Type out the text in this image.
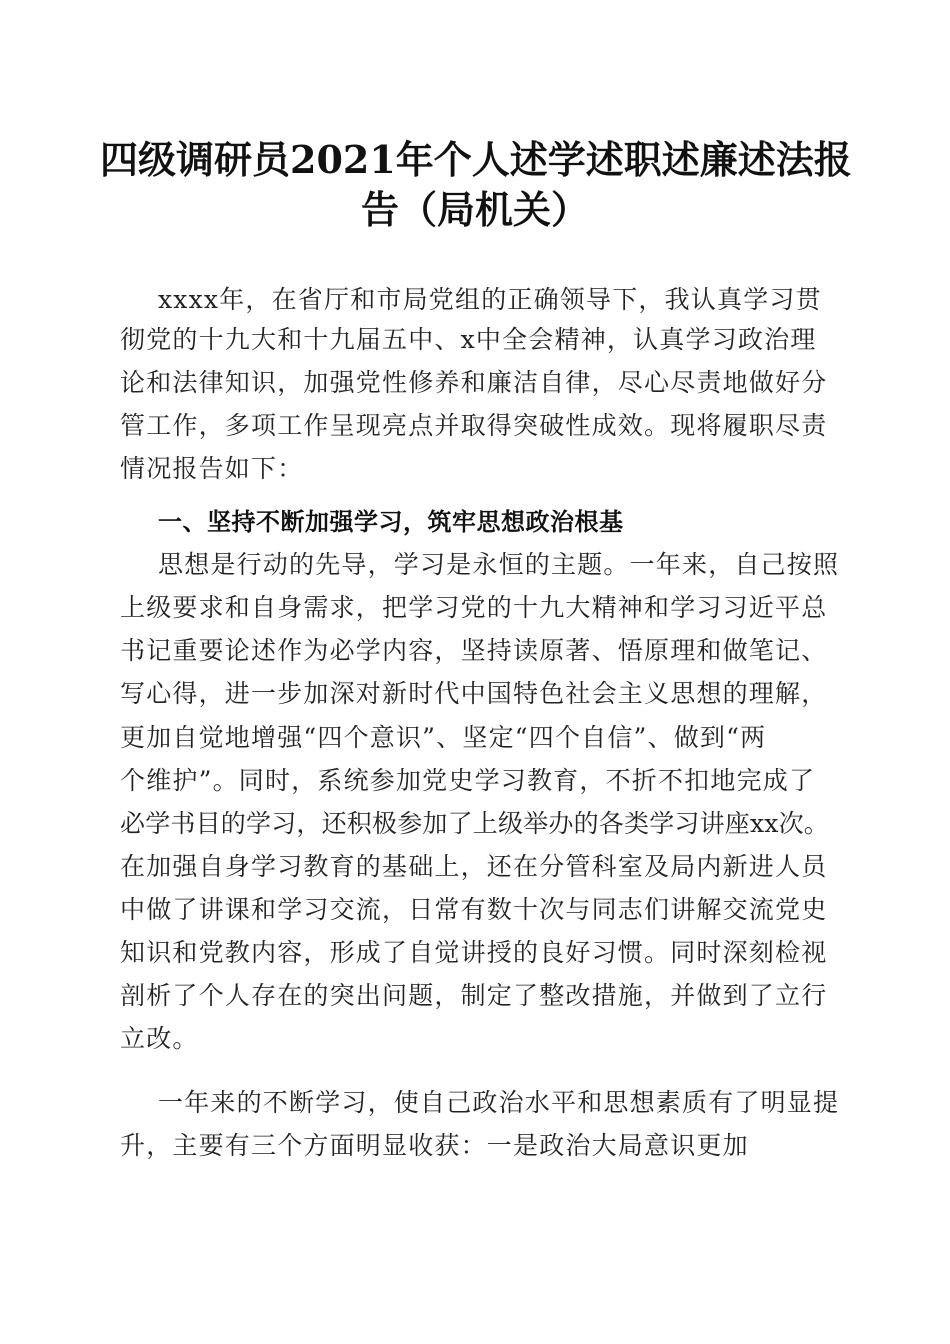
四级调研员2021年个人述学述职述廉述法报
告（局机关）
xxxx年，在省厅和市局党组的正确领导下，我认真学习贯
彻党的十九大和十九届五中、x中全会精神，认真学习政治理
论和法律知识，加强党性修养和廉洁自律，尽心尽责地做好分
管工作，多项工作呈现亮点并取得突破性成效。现将履职尽责
情况报告如下：
一、坚持不断加强学习，筑牢思想政治根基
思想是行动的先导，学习是永恒的主题。一年来，自己按照
上级要求和自身需求，把学习党的十九大精神和学习习近平总
书记重要论述作为必学内容，坚持读原著、悟原理和做笔记、
写心得，进一步加深对新时代中国特色社会主义思想的理解，
更加自觉地增强“四个意识”、坚定“四个自信”、做到“两
个维护”。同时，系统参加党史学习教育，不折不扣地完成了
必学书目的学习，还积极参加了上级举办的各类学习讲座xx次。
在加强自身学习教育的基础上，还在分管科室及局内新进人员
中做了讲课和学习交流，日常有数十次与同志们讲解交流党史
知识和党教内容，形成了自觉讲授的良好习惯。同时深刻检视
剖析了个人存在的突出问题，制定了整改措施，并做到了立行
立改。
一年来的不断学习，使自己政治水平和思想素质有了明显提
升，主要有三个方面明显收获：一是政治大局意识更加
